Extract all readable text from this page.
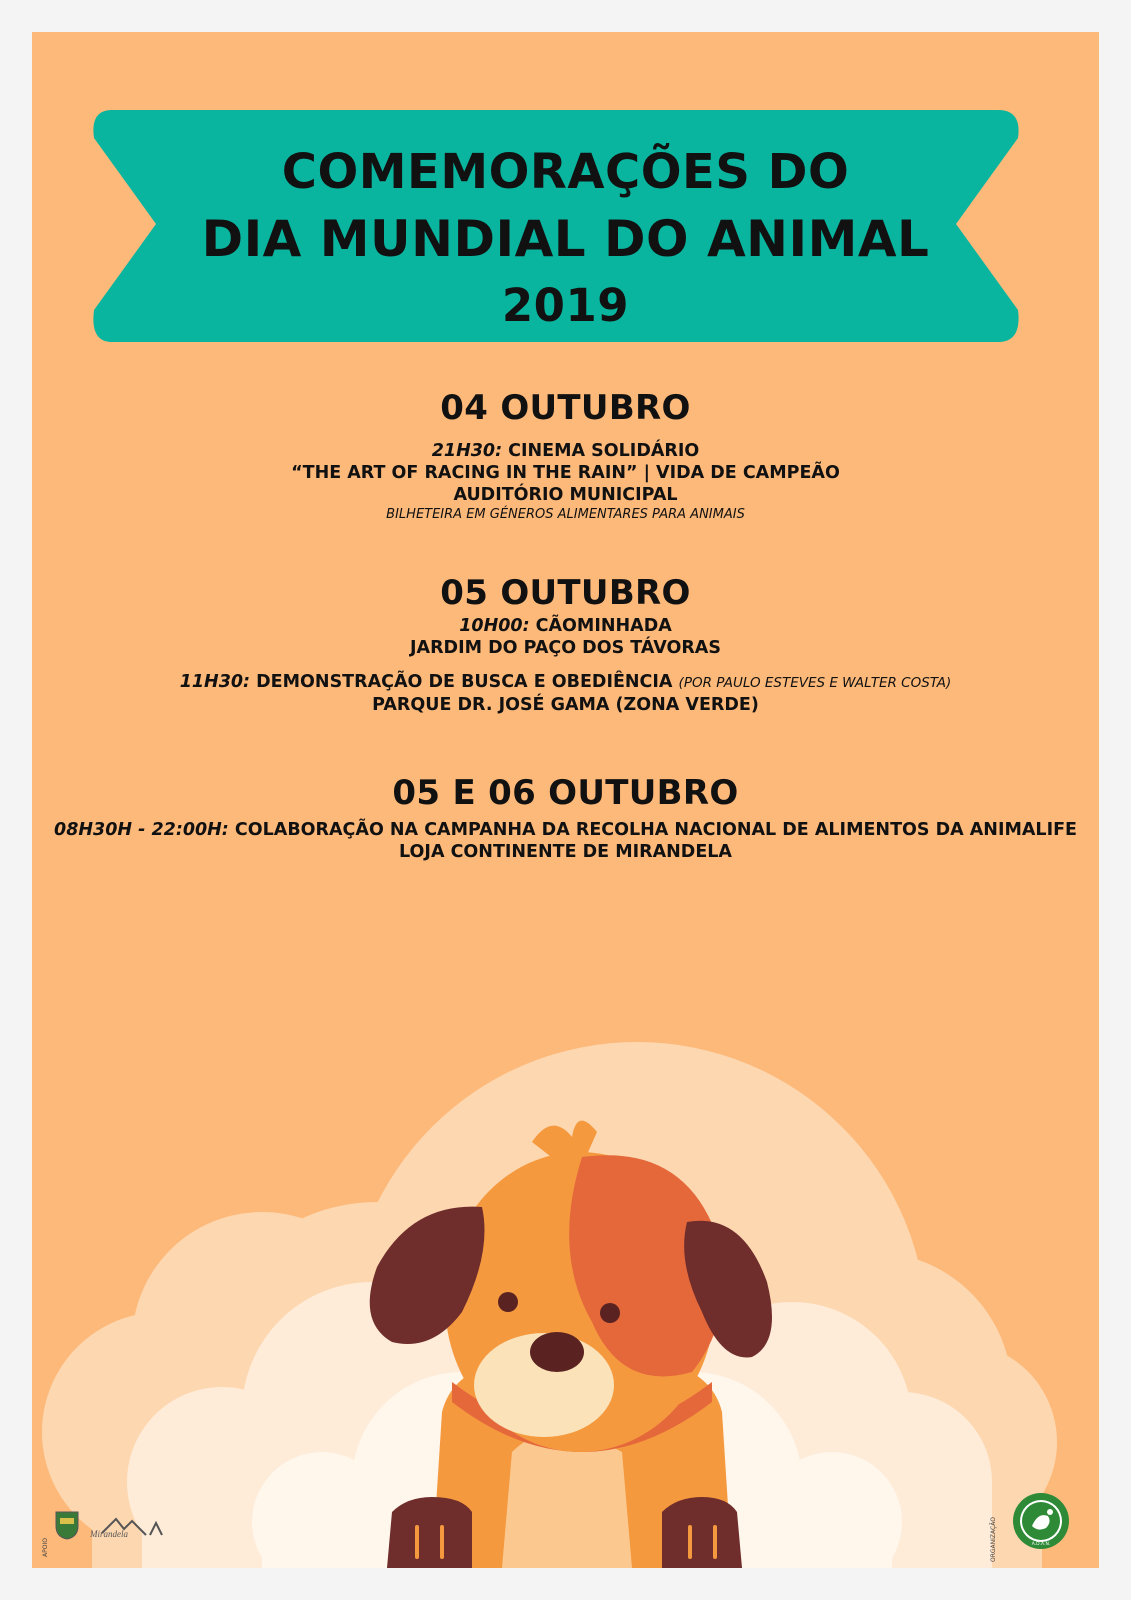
COMEMORAÇÕES DO
DIA MUNDIAL DO ANIMAL
2019
04 OUTUBRO
21H30: CINEMA SOLIDÁRIO
“THE ART OF RACING IN THE RAIN” | VIDA DE CAMPEÃO
AUDITÓRIO MUNICIPAL
BILHETEIRA EM GÉNEROS ALIMENTARES PARA ANIMAIS
05 OUTUBRO
10H00: CÃOMINHADA
JARDIM DO PAÇO DOS TÁVORAS
11H30: DEMONSTRAÇÃO DE BUSCA E OBEDIÊNCIA (POR PAULO ESTEVES E WALTER COSTA)
PARQUE DR. JOSÉ GAMA (ZONA VERDE)
05 E 06 OUTUBRO
08H30H - 22:00H: COLABORAÇÃO NA CAMPANHA DA RECOLHA NACIONAL DE ALIMENTOS DA ANIMALIFE
LOJA CONTINENTE DE MIRANDELA
APOIO
Mirandela	ORGANIZAÇÃO	A.D.A.N.
